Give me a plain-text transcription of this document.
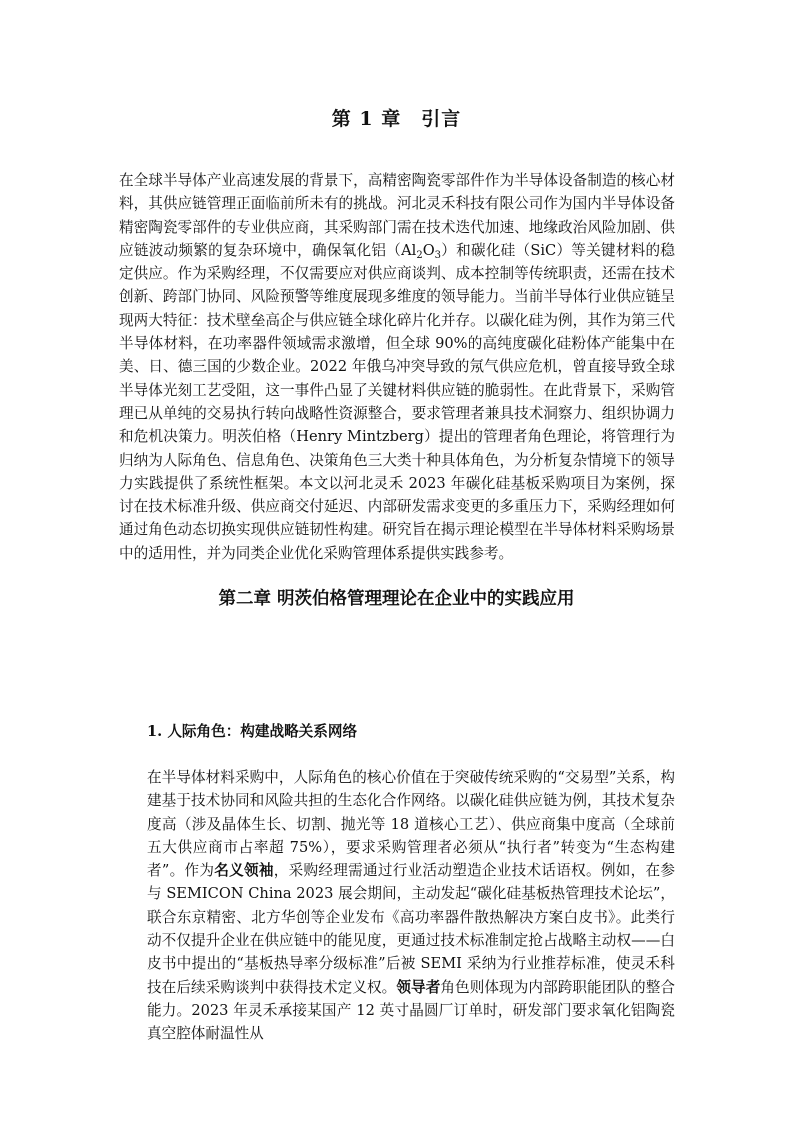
第 1 章　引言
在全球半导体产业高速发展的背景下，高精密陶瓷零部件作为半导体设备制造的核心材料，其供应链管理正面临前所未有的挑战。河北灵禾科技有限公司作为国内半导体设备精密陶瓷零部件的专业供应商，其采购部门需在技术迭代加速、地缘政治风险加剧、供应链波动频繁的复杂环境中，确保氧化铝$(Al_2O_3)$和碳化硅（SiC）等关键材料的稳定供应。作为采购经理，不仅需要应对供应商谈判、成本控制等传统职责，还需在技术创新、跨部门协同、风险预警等维度展现多维度的领导能力。当前半导体行业供应链呈现两大特征：技术壁垒高企与供应链全球化碎片化并存。以碳化硅为例，其作为第三代半导体材料，在功率器件领域需求激增，但全球 90%的高纯度碳化硅粉体产能集中在美、日、德三国的少数企业。2022 年俄乌冲突导致的氖气供应危机，曾直接导致全球半导体光刻工艺受阻，这一事件凸显了关键材料供应链的脆弱性。在此背景下，采购管理已从单纯的交易执行转向战略性资源整合，要求管理者兼具技术洞察力、组织协调力和危机决策力。明茨伯格（Henry Mintzberg）提出的管理者角色理论，将管理行为归纳为人际角色、信息角色、决策角色三大类十种具体角色，为分析复杂情境下的领导力实践提供了系统性框架。本文以河北灵禾 2023 年碳化硅基板采购项目为案例，探讨在技术标准升级、供应商交付延迟、内部研发需求变更的多重压力下，采购经理如何通过角色动态切换实现供应链韧性构建。研究旨在揭示理论模型在半导体材料采购场景中的适用性，并为同类企业优化采购管理体系提供实践参考。
第二章 明茨伯格管理理论在企业中的实践应用
1. 人际角色：构建战略关系网络
在半导体材料采购中，人际角色的核心价值在于突破传统采购的“交易型”关系，构建基于技术协同和风险共担的生态化合作网络。以碳化硅供应链为例，其技术复杂度高（涉及晶体生长、切割、抛光等 18 道核心工艺）、供应商集中度高（全球前五大供应商市占率超 75%），要求采购管理者必须从“执行者”转变为“生态构建者”。作为名义领袖，采购经理需通过行业活动塑造企业技术话语权。例如，在参与 SEMICON China 2023 展会期间，主动发起“碳化硅基板热管理技术论坛”，联合东京精密、北方华创等企业发布《高功率器件散热解决方案白皮书》。此类行动不仅提升企业在供应链中的能见度，更通过技术标准制定抢占战略主动权——白皮书中提出的“基板热导率分级标准”后被 SEMI 采纳为行业推荐标准，使灵禾科技在后续采购谈判中获得技术定义权。领导者角色则体现为内部跨职能团队的整合能力。2023 年灵禾承接某国产 12 英寸晶圆厂订单时，研发部门要求氧化铝陶瓷真空腔体耐温性从
